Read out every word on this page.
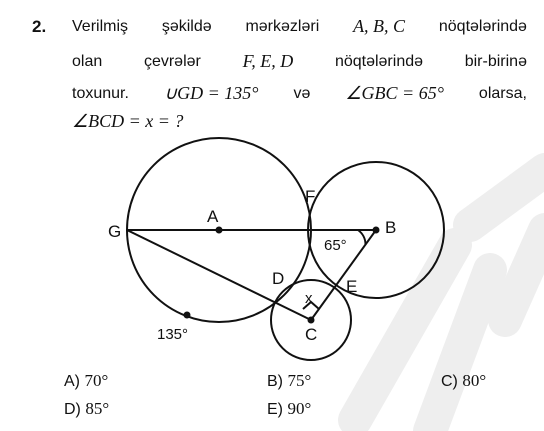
2. Verilmiş şəkildə mərkəzləri A, B, C nöqtələrində
olan	çevrələr F, E, D	nöqtələrində	bir-birinə
toxunur. ∪GD = 135° və ∠GBC = 65° olarsa,
∠BCD = x = ?
A
B
C
D	E
F
G
65°
x
135°
A) 70°	B) 75°	C) 80°
D) 85°	E) 90°
